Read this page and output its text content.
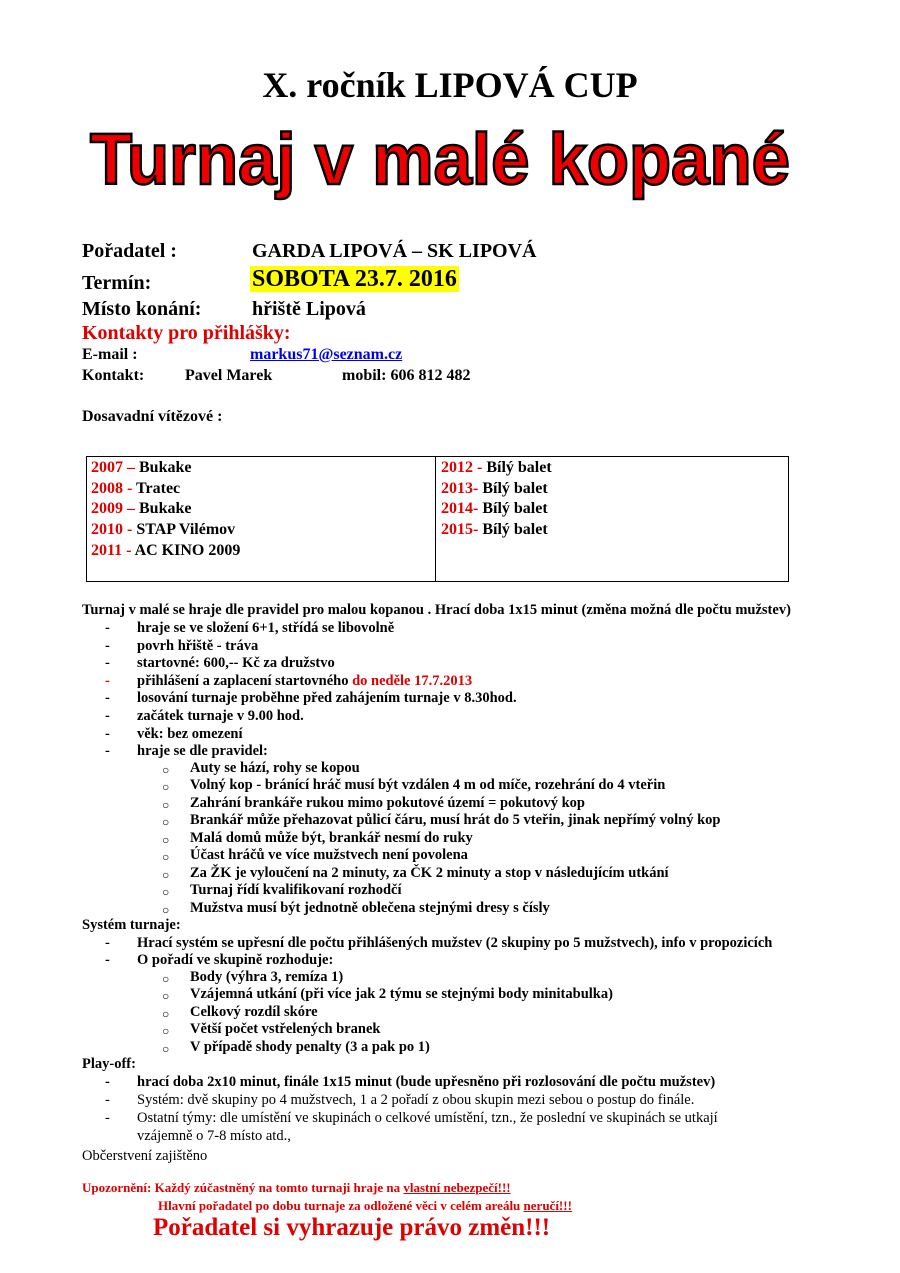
X. ročník LIPOVÁ CUP
Turnaj v malé kopané
Pořadatel :	GARDA LIPOVÁ – SK LIPOVÁ
Termín:	SOBOTA 23.7. 2016
Místo konání:	hřiště Lipová
Kontakty pro přihlášky:
E-mail :	markus71@seznam.cz
Kontakt:	Pavel Marek	mobil: 606 812 482
Dosavadní vítězové :
2007 – Bukake
2008 - Tratec
2009 – Bukake
2010 - STAP Vilémov
2011 - AC KINO 2009
2012 - Bílý balet
2013- Bílý balet
2014- Bílý balet
2015- Bílý balet
Turnaj v malé se hraje dle pravidel pro malou kopanou . Hrací doba 1x15 minut (změna možná dle počtu mužstev)
- hraje se ve složení 6+1, střídá se libovolně
- povrh hřiště - tráva
- startovné: 600,-- Kč za družstvo
- přihlášení a zaplacení startovného do neděle 17.7.2013
- losování turnaje proběhne před zahájením turnaje v 8.30hod.
- začátek turnaje v 9.00 hod.
- věk: bez omezení
- hraje se dle pravidel:
○ Auty se hází, rohy se kopou
○ Volný kop - bránící hráč musí být vzdálen 4 m od míče, rozehrání do 4 vteřin
○ Zahrání brankáře rukou mimo pokutové území = pokutový kop
○ Brankář může přehazovat půlicí čáru, musí hrát do 5 vteřin, jinak nepřímý volný kop
○ Malá domů může být, brankář nesmí do ruky
○ Účast hráčů ve více mužstvech není povolena
○ Za ŽK je vyloučení na 2 minuty, za ČK 2 minuty a stop v následujícím utkání
○ Turnaj řídí kvalifikovaní rozhodčí
○ Mužstva musí být jednotně oblečena stejnými dresy s čísly
Systém turnaje:
- Hrací systém se upřesní dle počtu přihlášených mužstev (2 skupiny po 5 mužstvech), info v propozicích
- O pořadí ve skupině rozhoduje:
○ Body (výhra 3, remíza 1)
○ Vzájemná utkání (při více jak 2 týmu se stejnými body minitabulka)
○ Celkový rozdíl skóre
○ Větší počet vstřelených branek
○ V případě shody penalty (3 a pak po 1)
Play-off:
- hrací doba 2x10 minut, finále 1x15 minut (bude upřesněno při rozlosování dle počtu mužstev)
- Systém: dvě skupiny po 4 mužstvech, 1 a 2 pořadí z obou skupin mezi sebou o postup do finále.
- Ostatní týmy: dle umístění ve skupinách o celkové umístění, tzn., že poslední ve skupinách se utkají
vzájemně o 7-8 místo atd.,
Občerstvení zajištěno
Upozornění: Každý zúčastněný na tomto turnaji hraje na vlastní nebezpečí!!!
Hlavní pořadatel po dobu turnaje za odložené věci v celém areálu neručí!!!
Pořadatel si vyhrazuje právo změn!!!
